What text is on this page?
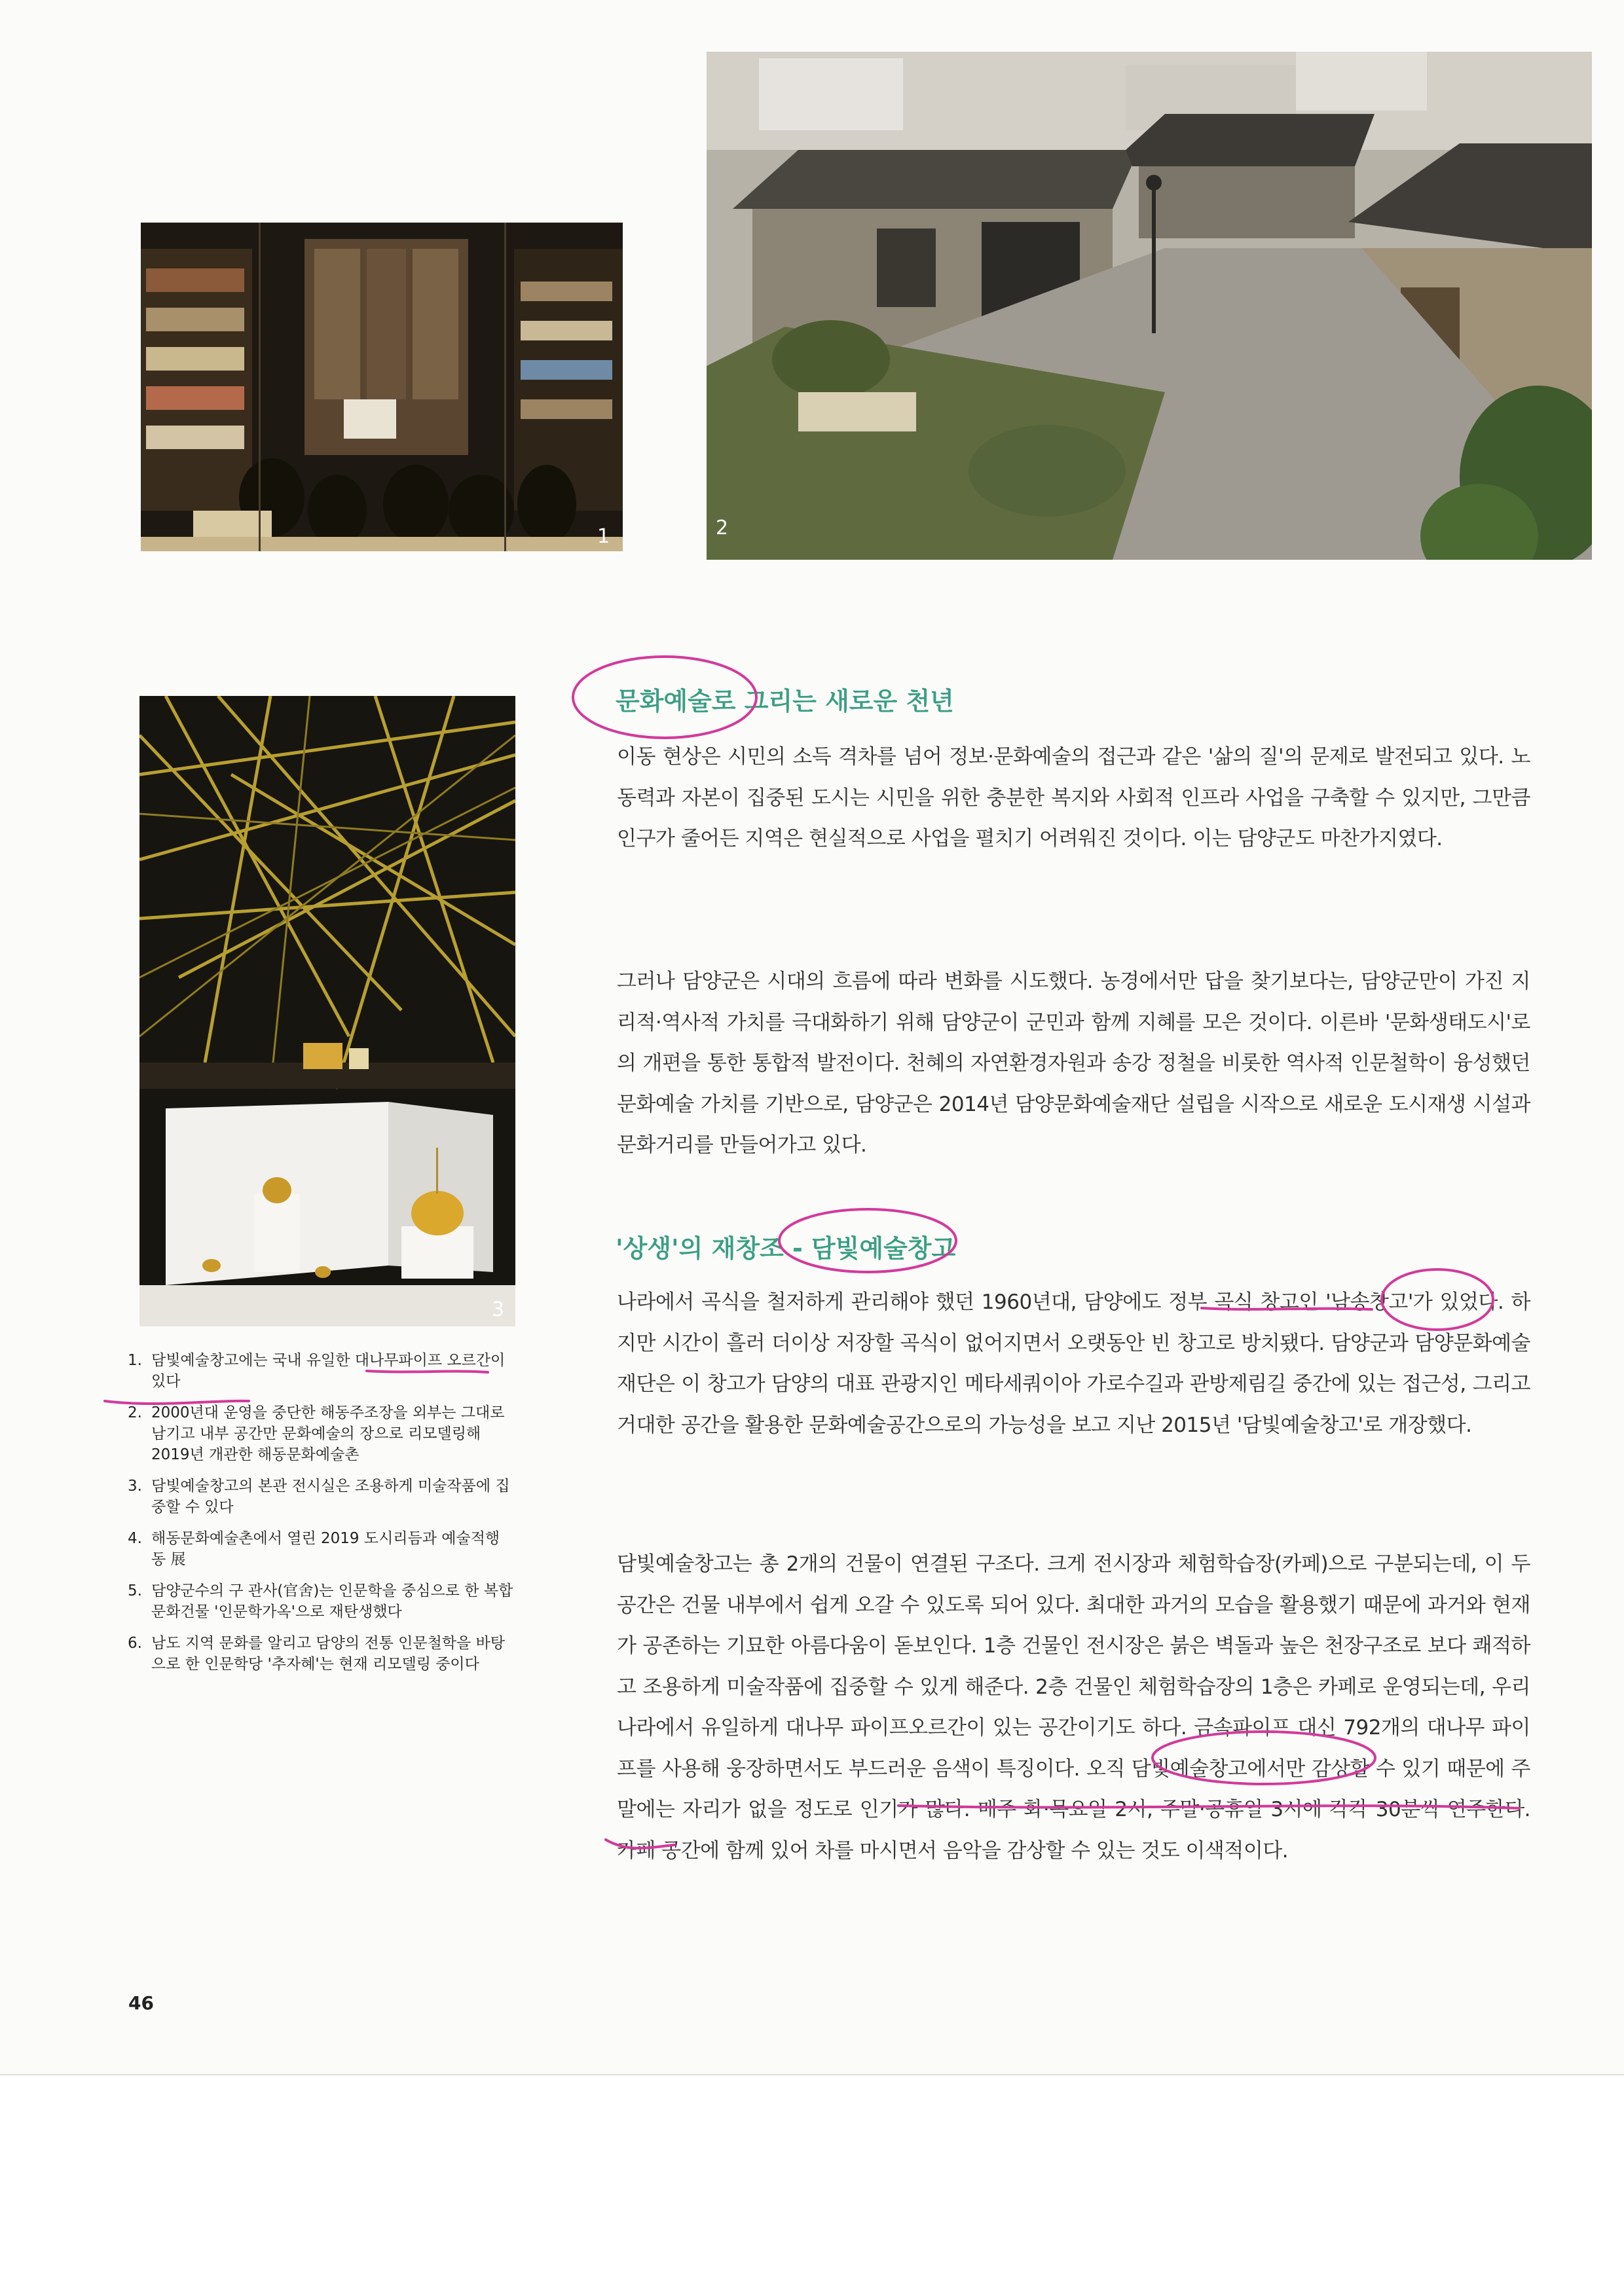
1	2
3
1. 담빛예술창고에는 국내 유일한 대나무파이프 오르간이 있다
2. 2000년대 운영을 중단한 해동주조장을 외부는 그대로 남기고 내부 공간만 문화예술의 장으로 리모델링해 2019년 개관한 해동문화예술촌
3. 담빛예술창고의 본관 전시실은 조용하게 미술작품에 집중할 수 있다
4. 해동문화예술촌에서 열린 2019 도시리듬과 예술적행동 展
5. 담양군수의 구 관사(官舍)는 인문학을 중심으로 한 복합문화건물 '인문학가옥'으로 재탄생했다
6. 남도 지역 문화를 알리고 담양의 전통 인문철학을 바탕으로 한 인문학당 '추자혜'는 현재 리모델링 중이다
문화예술로 그리는 새로운 천년

이동 현상은 시민의 소득 격차를 넘어 정보·문화예술의 접근과 같은 '삶의 질'의 문제로 발전되고 있다. 노동력과 자본이 집중된 도시는 시민을 위한 충분한 복지와 사회적 인프라 사업을 구축할 수 있지만, 그만큼 인구가 줄어든 지역은 현실적으로 사업을 펼치기 어려워진 것이다. 이는 담양군도 마찬가지였다.

그러나 담양군은 시대의 흐름에 따라 변화를 시도했다. 농경에서만 답을 찾기보다는, 담양군만이 가진 지리적·역사적 가치를 극대화하기 위해 담양군이 군민과 함께 지혜를 모은 것이다. 이른바 '문화생태도시'로의 개편을 통한 통합적 발전이다. 천혜의 자연환경자원과 송강 정철을 비롯한 역사적 인문철학이 융성했던 문화예술 가치를 기반으로, 담양군은 2014년 담양문화예술재단 설립을 시작으로 새로운 도시재생 시설과 문화거리를 만들어가고 있다.

'상생'의 재창조 - 담빛예술창고

나라에서 곡식을 철저하게 관리해야 했던 1960년대, 담양에도 정부 곡식 창고인 '남송창고'가 있었다. 하지만 시간이 흘러 더이상 저장할 곡식이 없어지면서 오랫동안 빈 창고로 방치됐다. 담양군과 담양문화예술재단은 이 창고가 담양의 대표 관광지인 메타세쿼이아 가로수길과 관방제림길 중간에 있는 접근성, 그리고 거대한 공간을 활용한 문화예술공간으로의 가능성을 보고 지난 2015년 '담빛예술창고'로 개장했다.

담빛예술창고는 총 2개의 건물이 연결된 구조다. 크게 전시장과 체험학습장(카페)으로 구분되는데, 이 두 공간은 건물 내부에서 쉽게 오갈 수 있도록 되어 있다. 최대한 과거의 모습을 활용했기 때문에 과거와 현재가 공존하는 기묘한 아름다움이 돋보인다. 1층 건물인 전시장은 붉은 벽돌과 높은 천장구조로 보다 쾌적하고 조용하게 미술작품에 집중할 수 있게 해준다. 2층 건물인 체험학습장의 1층은 카페로 운영되는데, 우리나라에서 유일하게 대나무 파이프오르간이 있는 공간이기도 하다. 금속파이프 대신 792개의 대나무 파이프를 사용해 웅장하면서도 부드러운 음색이 특징이다. 오직 담빛예술창고에서만 감상할 수 있기 때문에 주말에는 자리가 없을 정도로 인기가 많다. 매주 화·목요일 2시, 주말·공휴일 3시에 각각 30분씩 연주한다. 카페 공간에 함께 있어 차를 마시면서 음악을 감상할 수 있는 것도 이색적이다.

46
